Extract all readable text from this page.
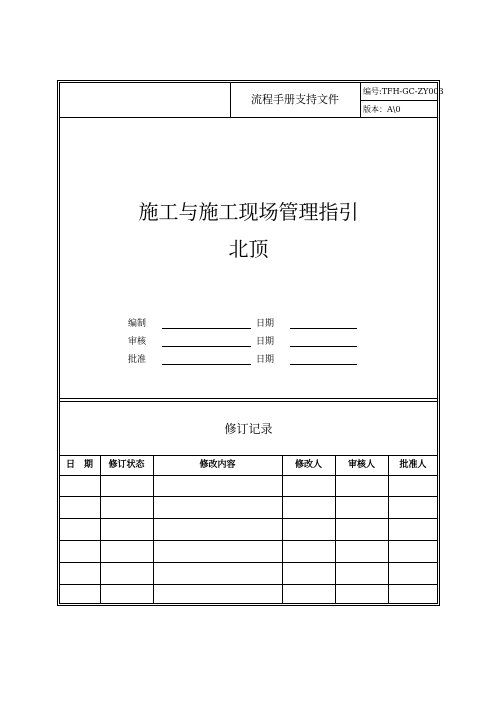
流程手册支持文件
编号:TFH-GC-ZY003
版本：A\0
施工与施工现场管理指引
北顶
编制	日期
审核	日期
批准	日期
修订记录
日　期	修订状态	修改内容	修改人	审核人	批准人
